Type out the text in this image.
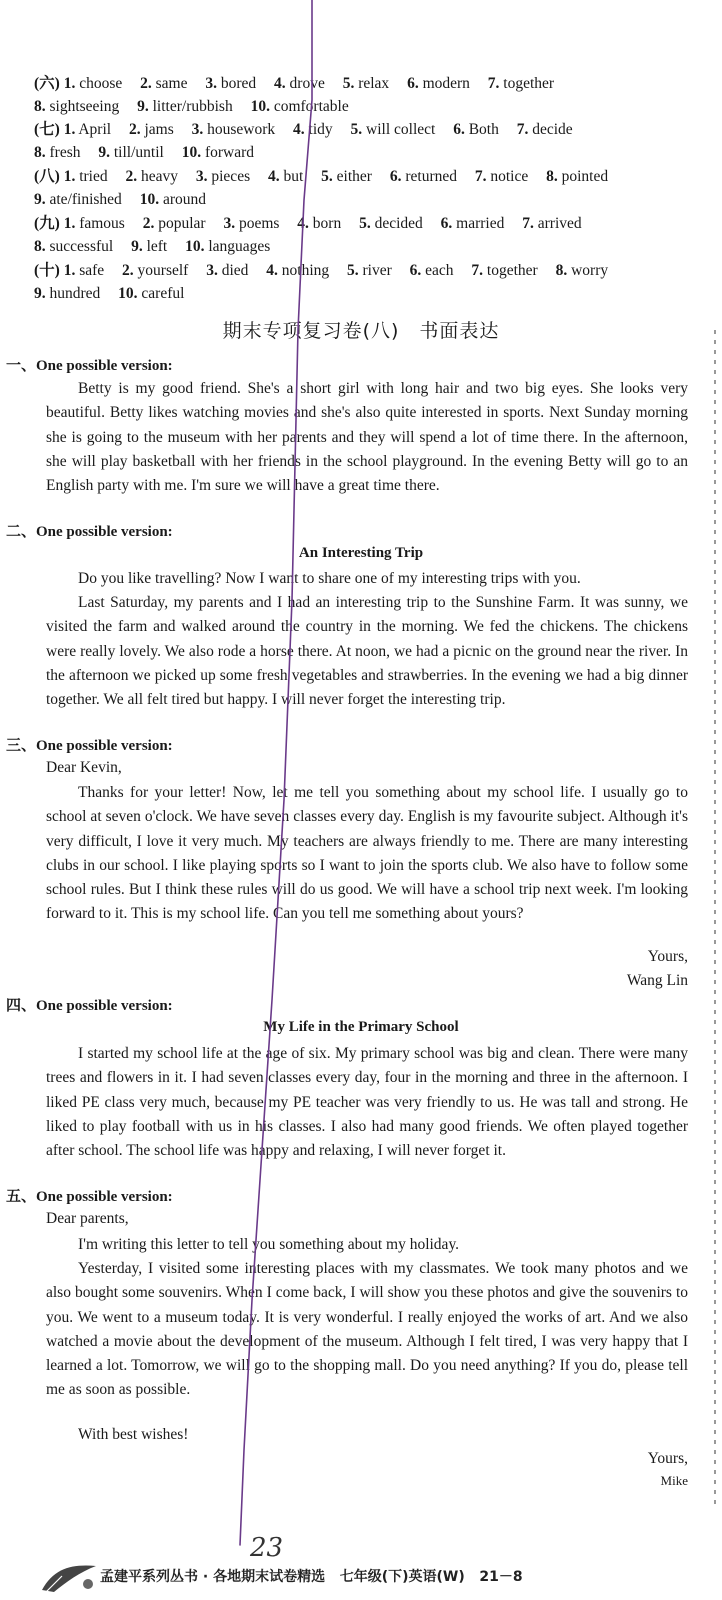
(六) 1. choose 2. same 3. bored 4. drove 5. relax 6. modern 7. together
8. sightseeing 9. litter/rubbish 10. comfortable
(七) 1. April 2. jams 3. housework 4. tidy 5. will collect 6. Both 7. decide
8. fresh 9. till/until 10. forward
(八) 1. tried 2. heavy 3. pieces 4. but 5. either 6. returned 7. notice 8. pointed
9. ate/finished 10. around
(九) 1. famous 2. popular 3. poems 4. born 5. decided 6. married 7. arrived
8. successful 9. left 10. languages
(十) 1. safe 2. yourself 3. died 4. nothing 5. river 6. each 7. together 8. worry
9. hundred 10. careful
期末专项复习卷(八)　书面表达
一、One possible version:

Betty is my good friend. She's a short girl with long hair and two big eyes. She looks very beautiful. Betty likes watching movies and she's also quite interested in sports. Next Sunday morning she is going to the museum with her parents and they will spend a lot of time there. In the afternoon, she will play basketball with her friends in the school playground. In the evening Betty will go to an English party with me. I'm sure we will have a great time there.

二、One possible version:
An Interesting Trip

Do you like travelling? Now I want to share one of my interesting trips with you.

Last Saturday, my parents and I had an interesting trip to the Sunshine Farm. It was sunny, we visited the farm and walked around the country in the morning. We fed the chickens. The chickens were really lovely. We also rode a horse there. At noon, we had a picnic on the ground near the river. In the afternoon we picked up some fresh vegetables and strawberries. In the evening we had a big dinner together. We all felt tired but happy. I will never forget the interesting trip.

三、One possible version:
Dear Kevin,

Thanks for your letter! Now, let me tell you something about my school life. I usually go to school at seven o'clock. We have seven classes every day. English is my favourite subject. Although it's very difficult, I love it very much. My teachers are always friendly to me. There are many interesting clubs in our school. I like playing sports so I want to join the sports club. We also have to follow some school rules. But I think these rules will do us good. We will have a school trip next week. I'm looking forward to it. This is my school life. Can you tell me something about yours?

Yours,
Wang Lin
四、One possible version:
My Life in the Primary School

I started my school life at the age of six. My primary school was big and clean. There were many trees and flowers in it. I had seven classes every day, four in the morning and three in the afternoon. I liked PE class very much, because my PE teacher was very friendly to us. He was tall and strong. He liked to play football with us in his classes. I also had many good friends. We often played together after school. The school life was happy and relaxing, I will never forget it.

五、One possible version:
Dear parents,

I'm writing this letter to tell you something about my holiday.

Yesterday, I visited some interesting places with my classmates. We took many photos and we also bought some souvenirs. When I come back, I will show you these photos and give the souvenirs to you. We went to a museum today. It is very wonderful. I really enjoyed the works of art. And we also watched a movie about the development of the museum. Although I felt tired, I was very happy that I learned a lot. Tomorrow, we will go to the shopping mall. Do you need anything? If you do, please tell me as soon as possible.

With best wishes!
Yours,
Mike
23
孟建平系列丛书 · 各地期末试卷精选 七年级(下)英语(W) 21－8
